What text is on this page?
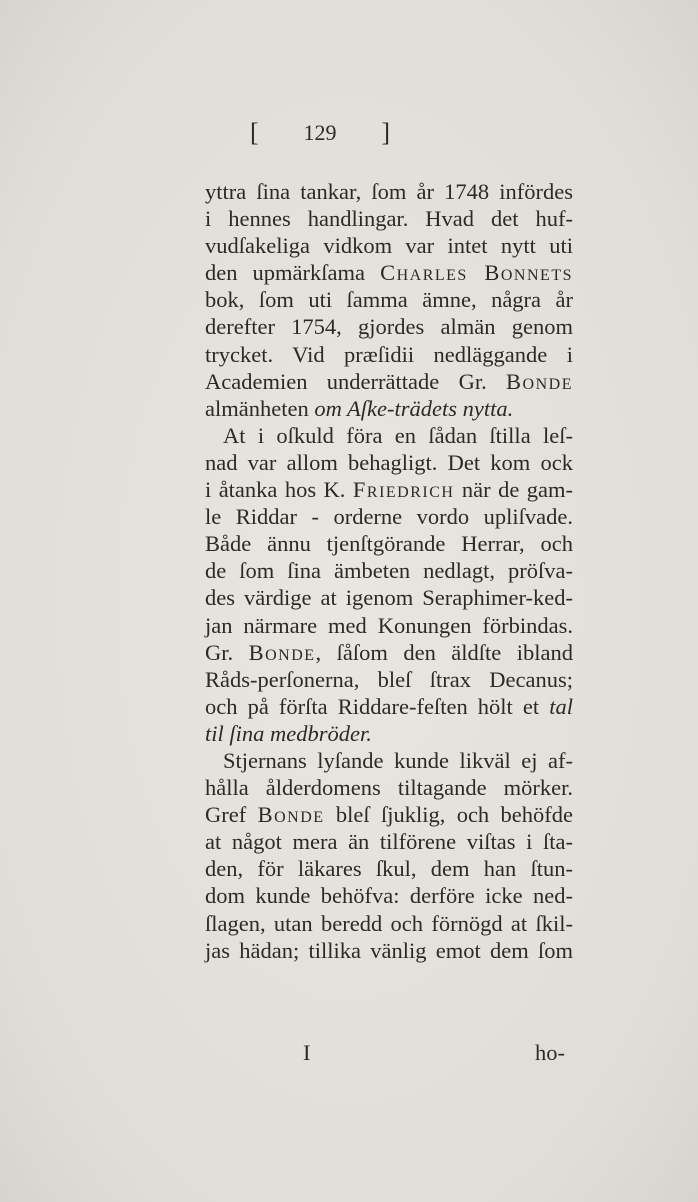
[ 129 ]
yttra ſina tankar, ſom år 1748 infördes
i hennes handlingar. Hvad det huf-
vudſakeliga vidkom var intet nytt uti
den upmärkſama Charles Bonnets
bok, ſom uti ſamma ämne, några år
derefter 1754, gjordes almän genom
trycket. Vid præſidii nedläggande i
Academien underrättade Gr. Bonde
almänheten om Aſke-trädets nytta.
At i oſkuld föra en ſådan ſtilla leſ-
nad var allom behagligt. Det kom ock
i åtanka hos K. Friedrich när de gam-
le Riddar - orderne vordo upliſvade.
Både ännu tjenſtgörande Herrar, och
de ſom ſina ämbeten nedlagt, pröſva-
des värdige at igenom Seraphimer-ked-
jan närmare med Konungen förbindas.
Gr. Bonde, ſåſom den äldſte ibland
Råds-perſonerna, bleſ ſtrax Decanus;
och på förſta Riddare-feſten hölt et tal
til ſina medbröder.
Stjernans lyſande kunde likväl ej af-
hålla ålderdomens tiltagande mörker.
Gref Bonde bleſ ſjuklig, och behöfde
at något mera än tilförene viſtas i ſta-
den, för läkares ſkul, dem han ſtun-
dom kunde behöfva: derföre icke ned-
ſlagen, utan beredd och förnögd at ſkil-
jas hädan; tillika vänlig emot dem ſom
I	ho-
